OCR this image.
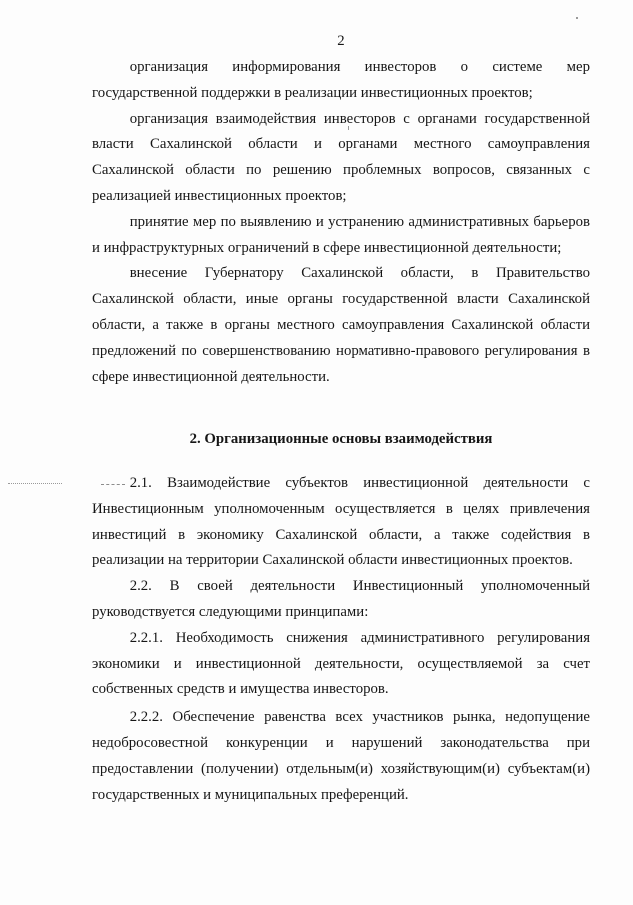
2
организация информирования инвесторов о системе мер
государственной поддержки в реализации инвестиционных проектов;
организация взаимодействия инвесторов с органами государственной
власти Сахалинской области и органами местного самоуправления
Сахалинской области по решению проблемных вопросов, связанных с
реализацией инвестиционных проектов;
принятие мер по выявлению и устранению административных барьеров
и инфраструктурных ограничений в сфере инвестиционной деятельности;
внесение Губернатору Сахалинской области, в Правительство
Сахалинской области, иные органы государственной власти Сахалинской
области, а также в органы местного самоуправления Сахалинской области
предложений по совершенствованию нормативно-правового регулирования в
сфере инвестиционной деятельности.
2. Организационные основы взаимодействия
2.1. Взаимодействие субъектов инвестиционной деятельности с
Инвестиционным уполномоченным осуществляется в целях привлечения
инвестиций в экономику Сахалинской области, а также содействия в
реализации на территории Сахалинской области инвестиционных проектов.
2.2. В своей деятельности Инвестиционный уполномоченный
руководствуется следующими принципами:
2.2.1. Необходимость снижения административного регулирования
экономики и инвестиционной деятельности, осуществляемой за счет
собственных средств и имущества инвесторов.
2.2.2. Обеспечение равенства всех участников рынка, недопущение
недобросовестной конкуренции и нарушений законодательства при
предоставлении (получении) отдельным(и) хозяйствующим(и) субъектам(и)
государственных и муниципальных преференций.
